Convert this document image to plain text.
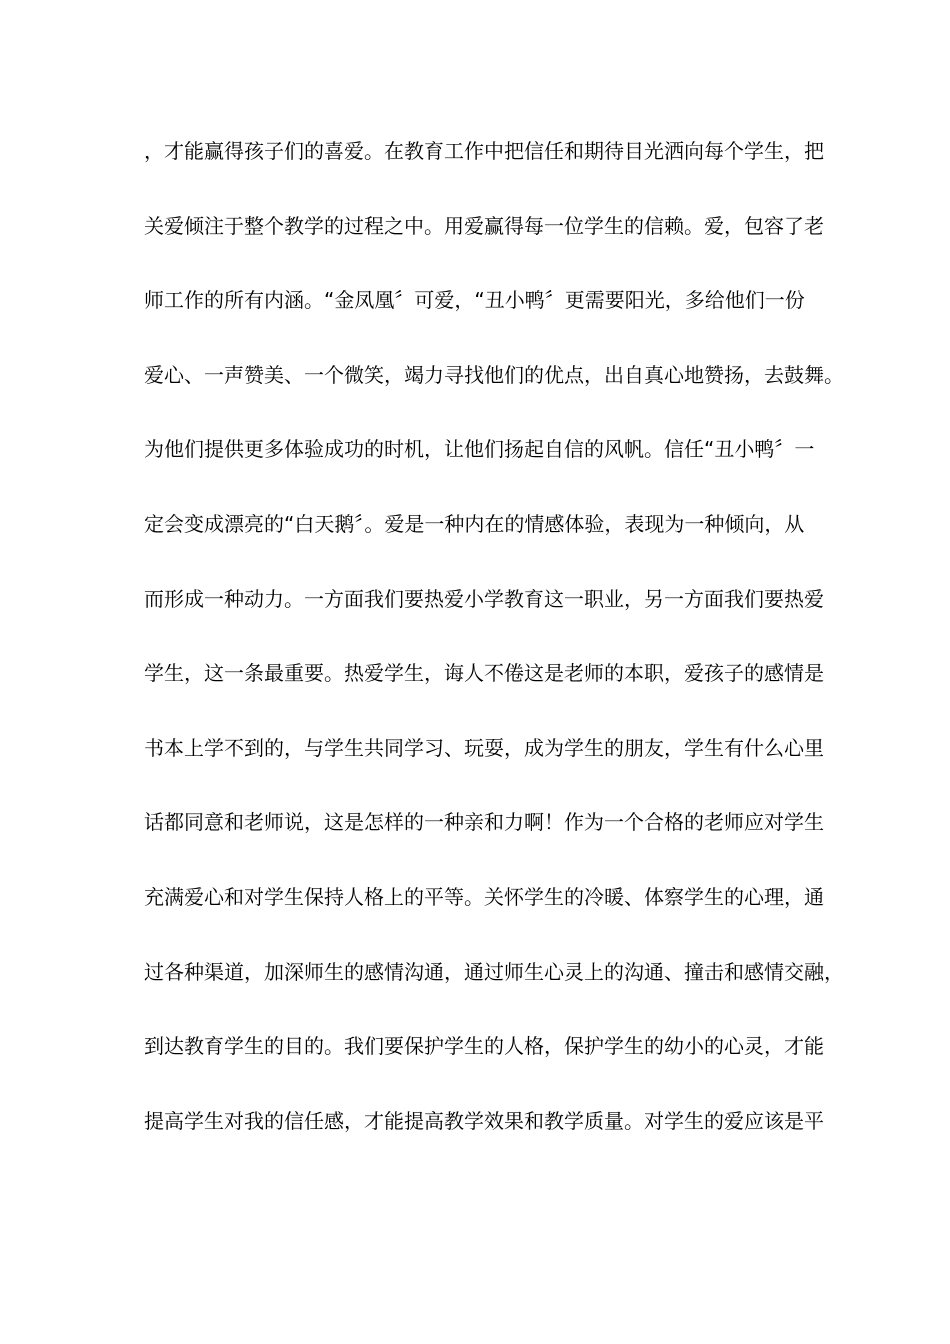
，才能赢得孩子们的喜爱。在教育工作中把信任和期待目光洒向每个学生，把
关爱倾注于整个教学的过程之中。用爱赢得每一位学生的信赖。爱，包容了老
师工作的所有内涵。“金凤凰〞可爱，“丑小鸭〞更需要阳光，多给他们一份
爱心、一声赞美、一个微笑，竭力寻找他们的优点，出自真心地赞扬，去鼓舞。
为他们提供更多体验成功的时机，让他们扬起自信的风帆。信任“丑小鸭〞一
定会变成漂亮的“白天鹅〞。爱是一种内在的情感体验，表现为一种倾向，从
而形成一种动力。一方面我们要热爱小学教育这一职业，另一方面我们要热爱
学生，这一条最重要。热爱学生，诲人不倦这是老师的本职，爱孩子的感情是
书本上学不到的，与学生共同学习、玩耍，成为学生的朋友，学生有什么心里
话都同意和老师说，这是怎样的一种亲和力啊！作为一个合格的老师应对学生
充满爱心和对学生保持人格上的平等。关怀学生的冷暖、体察学生的心理，通
过各种渠道，加深师生的感情沟通，通过师生心灵上的沟通、撞击和感情交融，
到达教育学生的目的。我们要保护学生的人格，保护学生的幼小的心灵，才能
提高学生对我的信任感，才能提高教学效果和教学质量。对学生的爱应该是平
